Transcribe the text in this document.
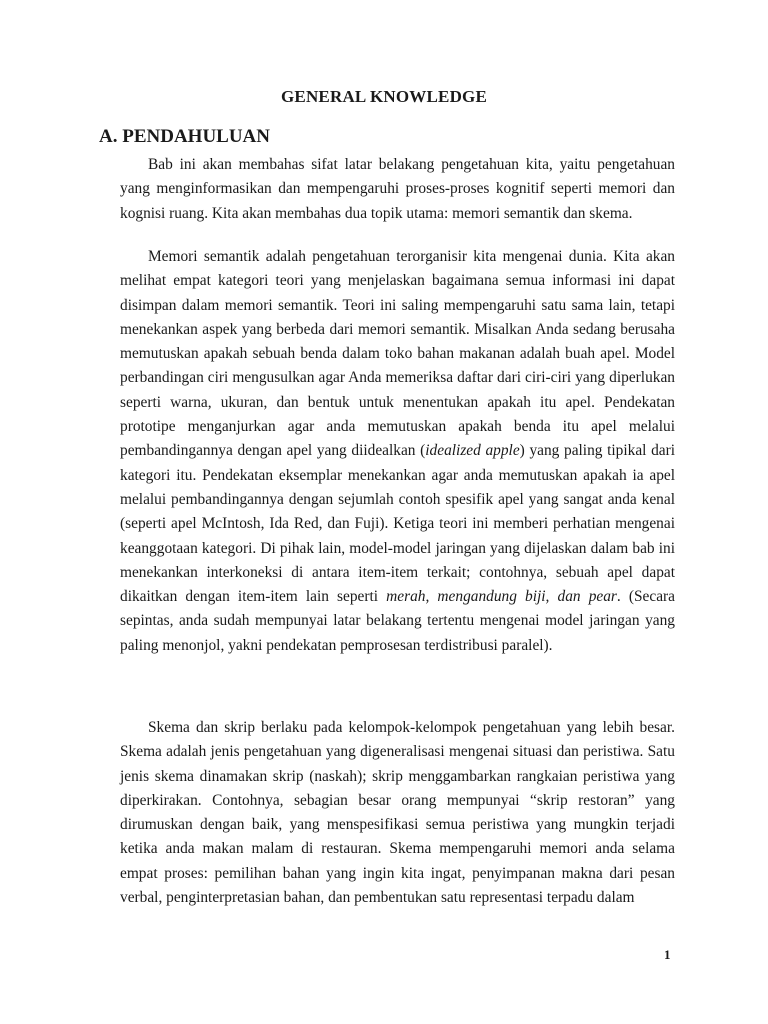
GENERAL KNOWLEDGE
A. PENDAHULUAN

Bab ini akan membahas sifat latar belakang pengetahuan kita, yaitu pengetahuan yang menginformasikan dan mempengaruhi proses-proses kognitif seperti memori dan kognisi ruang. Kita akan membahas dua topik utama: memori semantik dan skema.

Memori semantik adalah pengetahuan terorganisir kita mengenai dunia. Kita akan melihat empat kategori teori yang menjelaskan bagaimana semua informasi ini dapat disimpan dalam memori semantik. Teori ini saling mempengaruhi satu sama lain, tetapi menekankan aspek yang berbeda dari memori semantik. Misalkan Anda sedang berusaha memutuskan apakah sebuah benda dalam toko bahan makanan adalah buah apel. Model perbandingan ciri mengusulkan agar Anda memeriksa daftar dari ciri-ciri yang diperlukan seperti warna, ukuran, dan bentuk untuk menentukan apakah itu apel. Pendekatan prototipe menganjurkan agar anda memutuskan apakah benda itu apel melalui pembandingannya dengan apel yang diidealkan (idealized apple) yang paling tipikal dari kategori itu. Pendekatan eksemplar menekankan agar anda memutuskan apakah ia apel melalui pembandingannya dengan sejumlah contoh spesifik apel yang sangat anda kenal (seperti apel McIntosh, Ida Red, dan Fuji). Ketiga teori ini memberi perhatian mengenai keanggotaan kategori. Di pihak lain, model-model jaringan yang dijelaskan dalam bab ini menekankan interkoneksi di antara item-item terkait; contohnya, sebuah apel dapat dikaitkan dengan item-item lain seperti merah, mengandung biji, dan pear. (Secara sepintas, anda sudah mempunyai latar belakang tertentu mengenai model jaringan yang paling menonjol, yakni pendekatan pemprosesan terdistribusi paralel).

Skema dan skrip berlaku pada kelompok-kelompok pengetahuan yang lebih besar. Skema adalah jenis pengetahuan yang digeneralisasi mengenai situasi dan peristiwa. Satu jenis skema dinamakan skrip (naskah); skrip menggambarkan rangkaian peristiwa yang diperkirakan. Contohnya, sebagian besar orang mempunyai “skrip restoran” yang dirumuskan dengan baik, yang menspesifikasi semua peristiwa yang mungkin terjadi ketika anda makan malam di restauran. Skema mempengaruhi memori anda selama empat proses: pemilihan bahan yang ingin kita ingat, penyimpanan makna dari pesan verbal, penginterpretasian bahan, dan pembentukan satu representasi terpadu dalam

1
